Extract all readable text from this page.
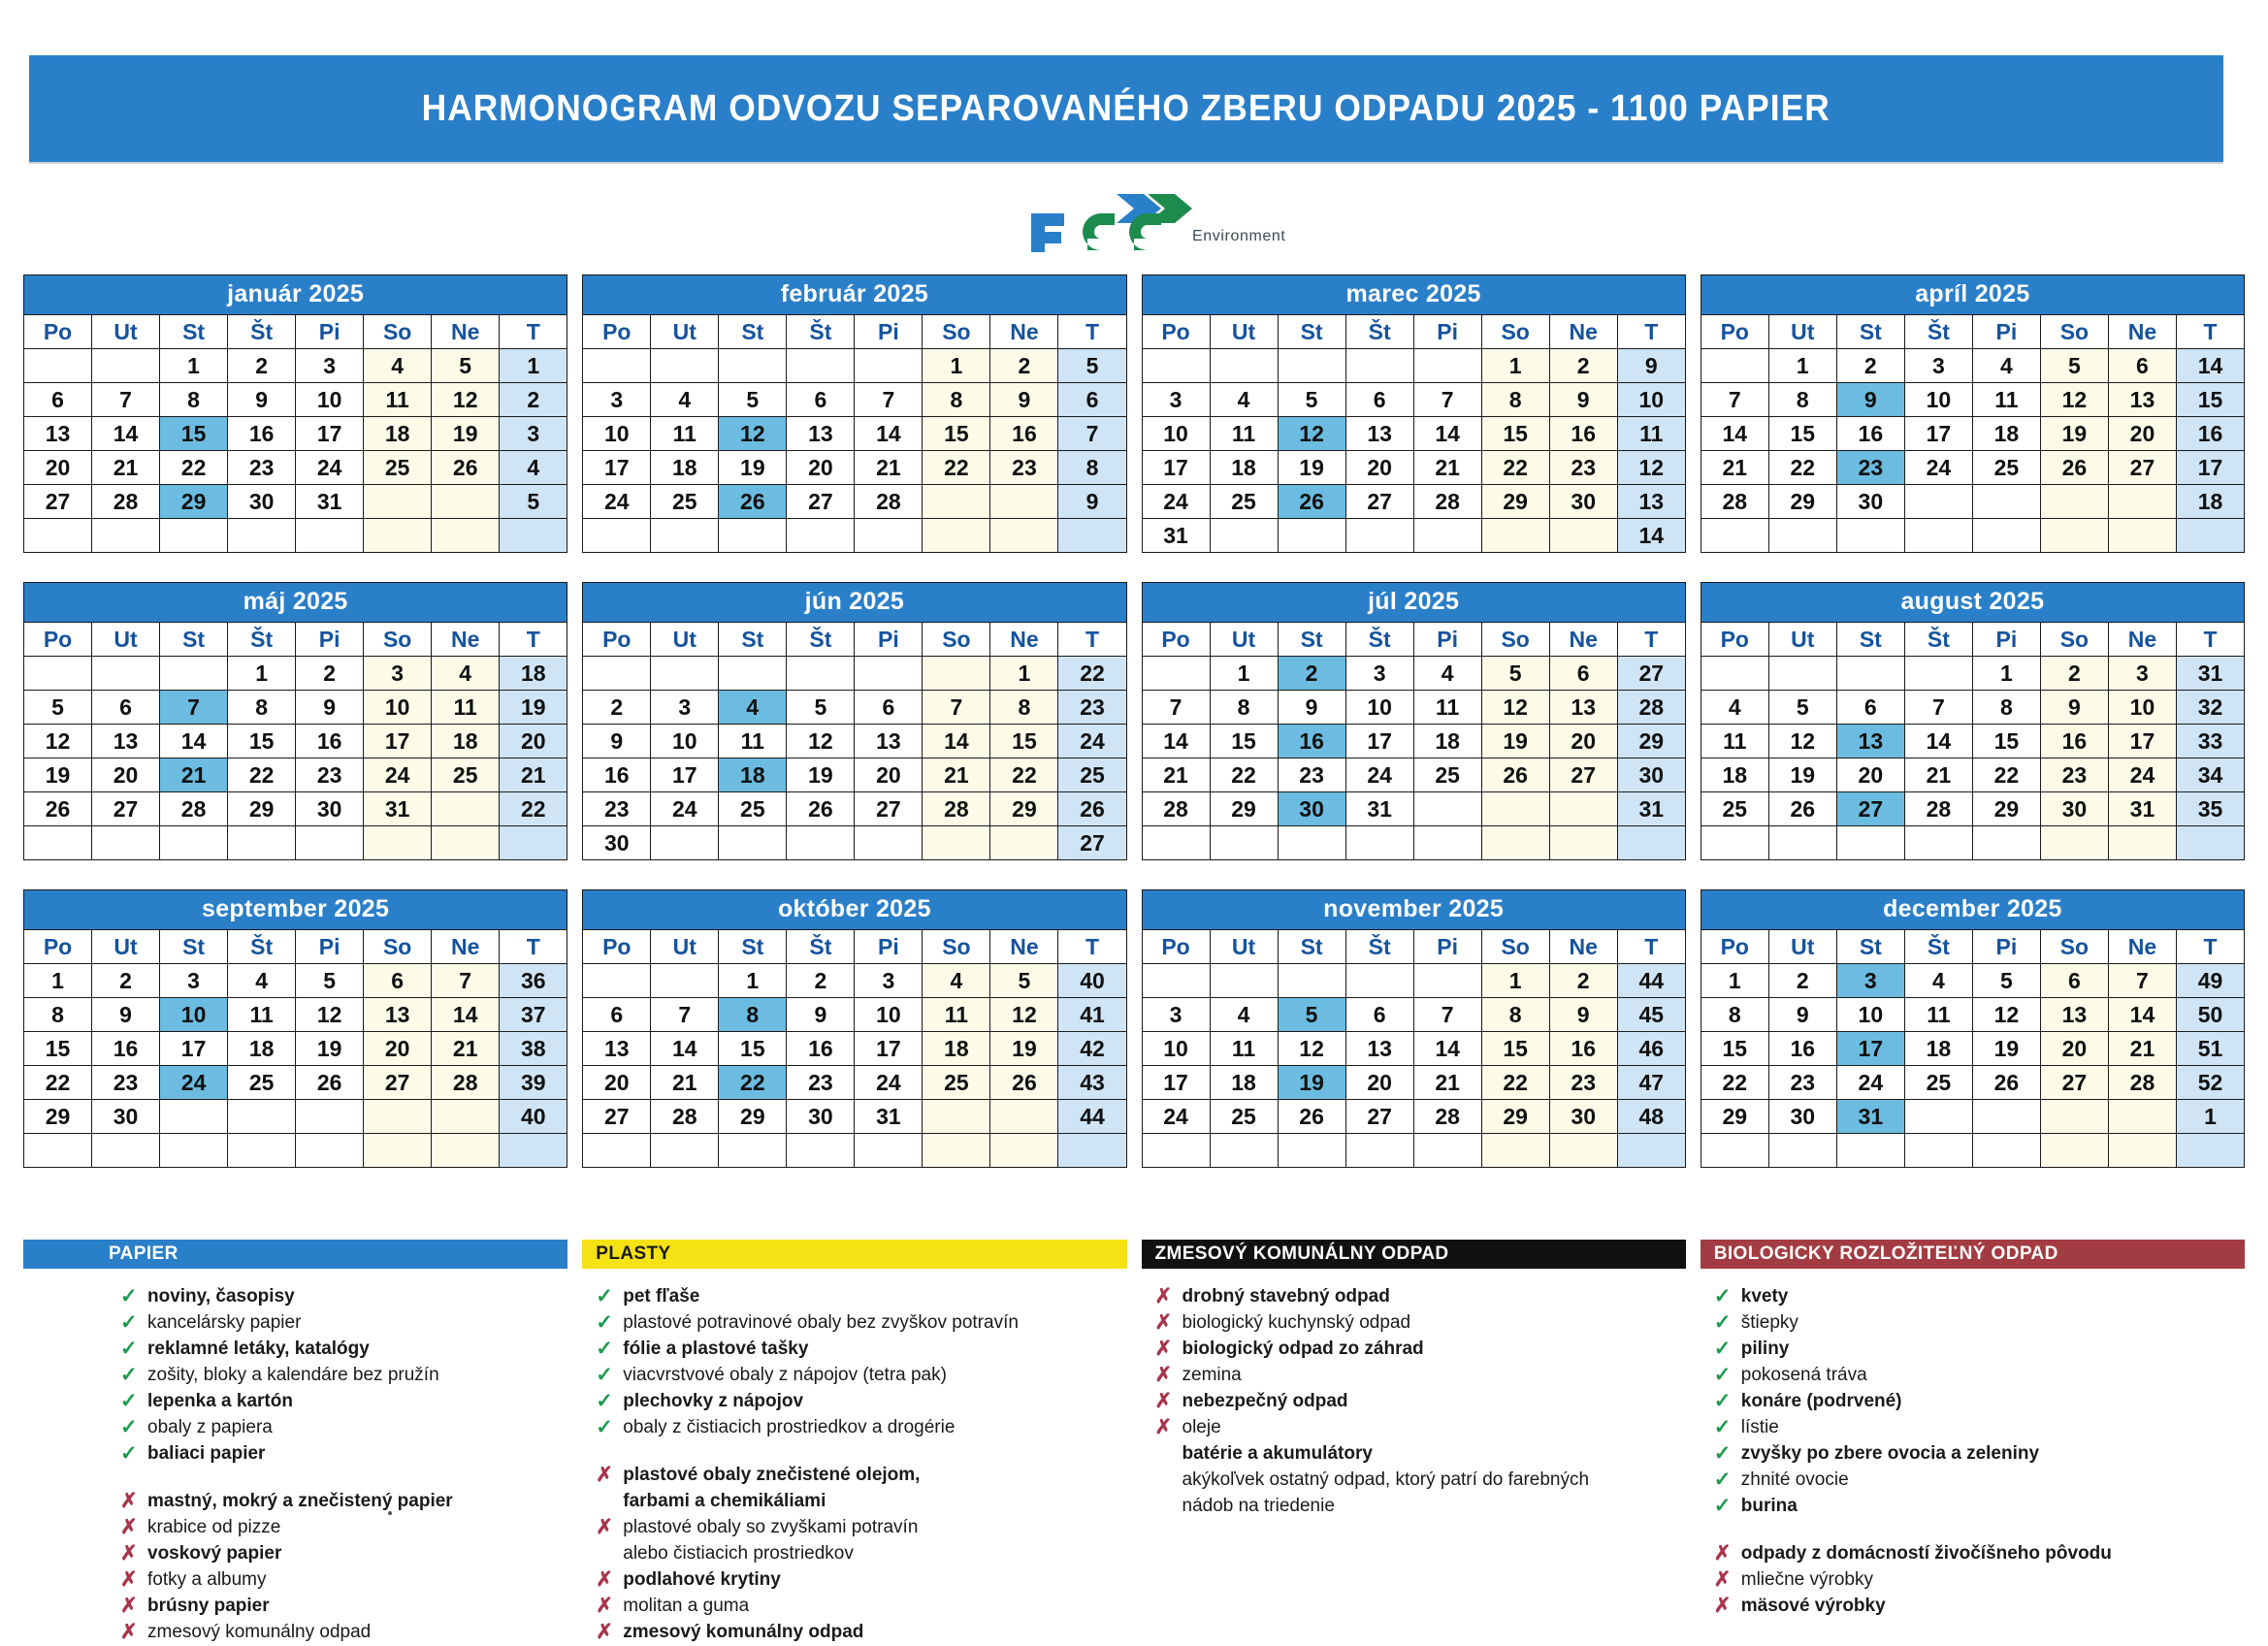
HARMONOGRAM ODVOZU SEPAROVANÉHO ZBERU ODPADU 2025 - 1100 PAPIER
Environment
január 2025
Po	Ut	St	Št	Pi	So	Ne	T
		1	2	3	4	5	1
6	7	8	9	10	11	12	2
13	14	15	16	17	18	19	3
20	21	22	23	24	25	26	4
27	28	29	30	31			5

február 2025
Po	Ut	St	Št	Pi	So	Ne	T
					1	2	5
3	4	5	6	7	8	9	6
10	11	12	13	14	15	16	7
17	18	19	20	21	22	23	8
24	25	26	27	28			9

marec 2025
Po	Ut	St	Št	Pi	So	Ne	T
					1	2	9
3	4	5	6	7	8	9	10
10	11	12	13	14	15	16	11
17	18	19	20	21	22	23	12
24	25	26	27	28	29	30	13
31							14
apríl 2025
Po	Ut	St	Št	Pi	So	Ne	T
	1	2	3	4	5	6	14
7	8	9	10	11	12	13	15
14	15	16	17	18	19	20	16
21	22	23	24	25	26	27	17
28	29	30					18

máj 2025
Po	Ut	St	Št	Pi	So	Ne	T
			1	2	3	4	18
5	6	7	8	9	10	11	19
12	13	14	15	16	17	18	20
19	20	21	22	23	24	25	21
26	27	28	29	30	31		22

jún 2025
Po	Ut	St	Št	Pi	So	Ne	T
						1	22
2	3	4	5	6	7	8	23
9	10	11	12	13	14	15	24
16	17	18	19	20	21	22	25
23	24	25	26	27	28	29	26
30							27
júl 2025
Po	Ut	St	Št	Pi	So	Ne	T
	1	2	3	4	5	6	27
7	8	9	10	11	12	13	28
14	15	16	17	18	19	20	29
21	22	23	24	25	26	27	30
28	29	30	31				31

august 2025
Po	Ut	St	Št	Pi	So	Ne	T
				1	2	3	31
4	5	6	7	8	9	10	32
11	12	13	14	15	16	17	33
18	19	20	21	22	23	24	34
25	26	27	28	29	30	31	35

september 2025
Po	Ut	St	Št	Pi	So	Ne	T
1	2	3	4	5	6	7	36
8	9	10	11	12	13	14	37
15	16	17	18	19	20	21	38
22	23	24	25	26	27	28	39
29	30						40

október 2025
Po	Ut	St	Št	Pi	So	Ne	T
		1	2	3	4	5	40
6	7	8	9	10	11	12	41
13	14	15	16	17	18	19	42
20	21	22	23	24	25	26	43
27	28	29	30	31			44

november 2025
Po	Ut	St	Št	Pi	So	Ne	T
					1	2	44
3	4	5	6	7	8	9	45
10	11	12	13	14	15	16	46
17	18	19	20	21	22	23	47
24	25	26	27	28	29	30	48

december 2025
Po	Ut	St	Št	Pi	So	Ne	T
1	2	3	4	5	6	7	49
8	9	10	11	12	13	14	50
15	16	17	18	19	20	21	51
22	23	24	25	26	27	28	52
29	30	31					1

PAPIER
✓ noviny, časopisy
✓ kancelársky papier
✓ reklamné letáky, katalógy
✓ zošity, bloky a kalendáre bez pružín
✓ lepenka a kartón
✓ obaly z papiera
✓ baliaci papier
✗ mastný, mokrý a znečistený papier
✗ krabice od pizze
✗ voskový papier
✗ fotky a albumy
✗ brúsny papier
✗ zmesový komunálny odpad
PLASTY
✓ pet fľaše
✓ plastové potravinové obaly bez zvyškov potravín
✓ fólie a plastové tašky
✓ viacvrstvové obaly z nápojov (tetra pak)
✓ plechovky z nápojov
✓ obaly z čistiacich prostriedkov a drogérie
✗ plastové obaly znečistené olejom,
farbami a chemikáliami
✗ plastové obaly so zvyškami potravín
alebo čistiacich prostriedkov
✗ podlahové krytiny
✗ molitan a guma
✗ zmesový komunálny odpad
ZMESOVÝ KOMUNÁLNY ODPAD
✗ drobný stavebný odpad
✗ biologický kuchynský odpad
✗ biologický odpad zo záhrad
✗ zemina
✗ nebezpečný odpad
✗ oleje
batérie a akumulátory
akýkoľvek ostatný odpad, ktorý patrí do farebných
nádob na triedenie
BIOLOGICKY ROZLOŽITEĽNÝ ODPAD
✓ kvety
✓ štiepky
✓ piliny
✓ pokosená tráva
✓ konáre (podrvené)
✓ lístie
✓ zvyšky po zbere ovocia a zeleniny
✓ zhnité ovocie
✓ burina
✗ odpady z domácností živočíšneho pôvodu
✗ mliečne výrobky
✗ mäsové výrobky
